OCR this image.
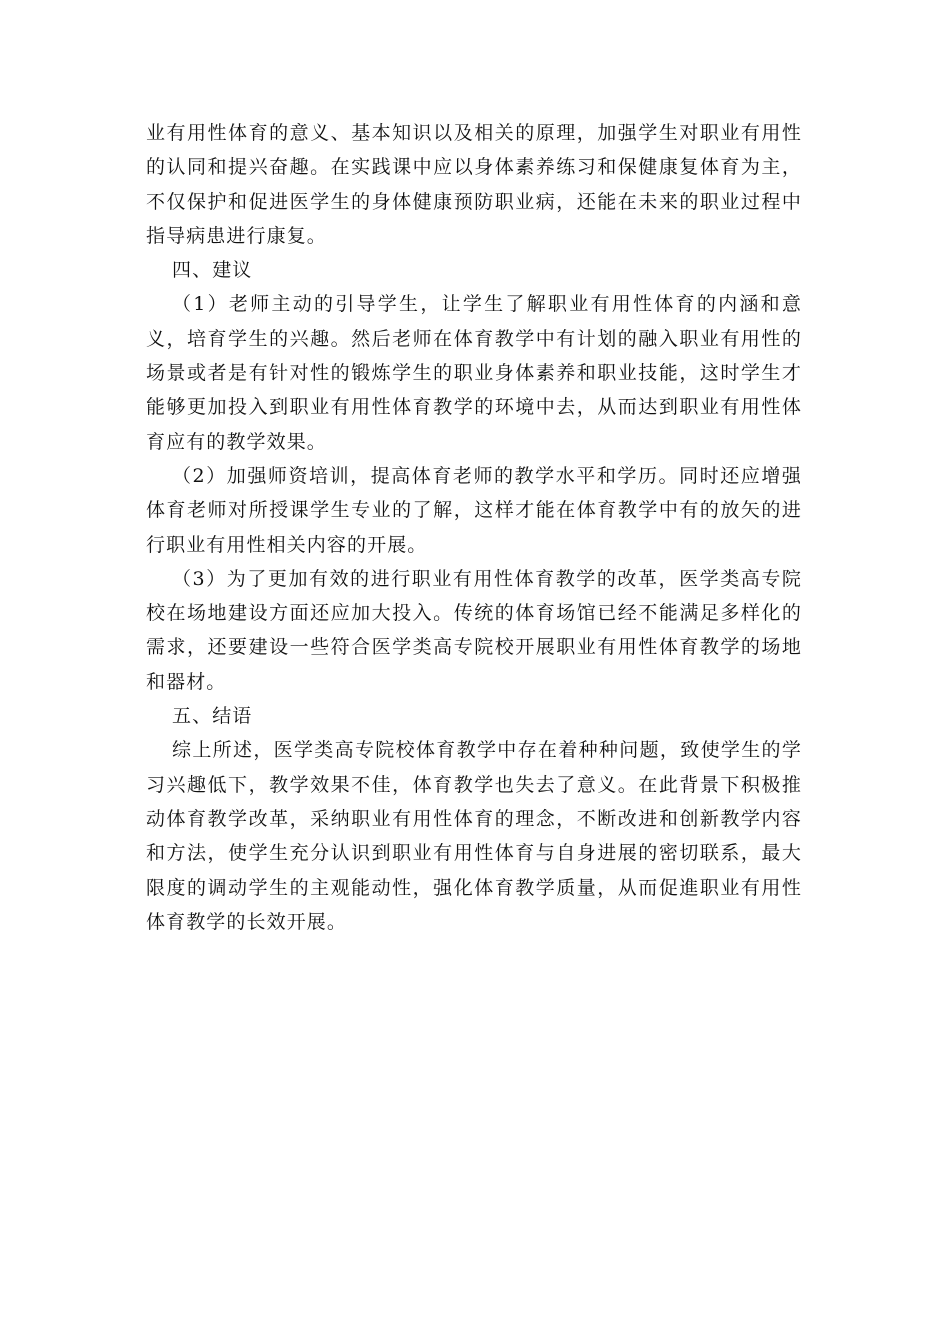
业有用性体育的意义、基本知识以及相关的原理，加强学生对职业有用性的认同和提兴奋趣。在实践课中应以身体素养练习和保健康复体育为主，不仅保护和促进医学生的身体健康预防职业病，还能在未来的职业过程中指导病患进行康复。

四、建议

（1）老师主动的引导学生，让学生了解职业有用性体育的内涵和意义，培育学生的兴趣。然后老师在体育教学中有计划的融入职业有用性的场景或者是有针对性的锻炼学生的职业身体素养和职业技能，这时学生才能够更加投入到职业有用性体育教学的环境中去，从而达到职业有用性体育应有的教学效果。

（2）加强师资培训，提高体育老师的教学水平和学历。同时还应增强体育老师对所授课学生专业的了解，这样才能在体育教学中有的放矢的进行职业有用性相关内容的开展。

（3）为了更加有效的进行职业有用性体育教学的改革，医学类高专院校在场地建设方面还应加大投入。传统的体育场馆已经不能满足多样化的需求，还要建设一些符合医学类高专院校开展职业有用性体育教学的场地和器材。

五、结语

综上所述，医学类高专院校体育教学中存在着种种问题，致使学生的学习兴趣低下，教学效果不佳，体育教学也失去了意义。在此背景下积极推动体育教学改革，采纳职业有用性体育的理念，不断改进和创新教学内容和方法，使学生充分认识到职业有用性体育与自身进展的密切联系，最大限度的调动学生的主观能动性，强化体育教学质量，从而促進职业有用性体育教学的长效开展。
